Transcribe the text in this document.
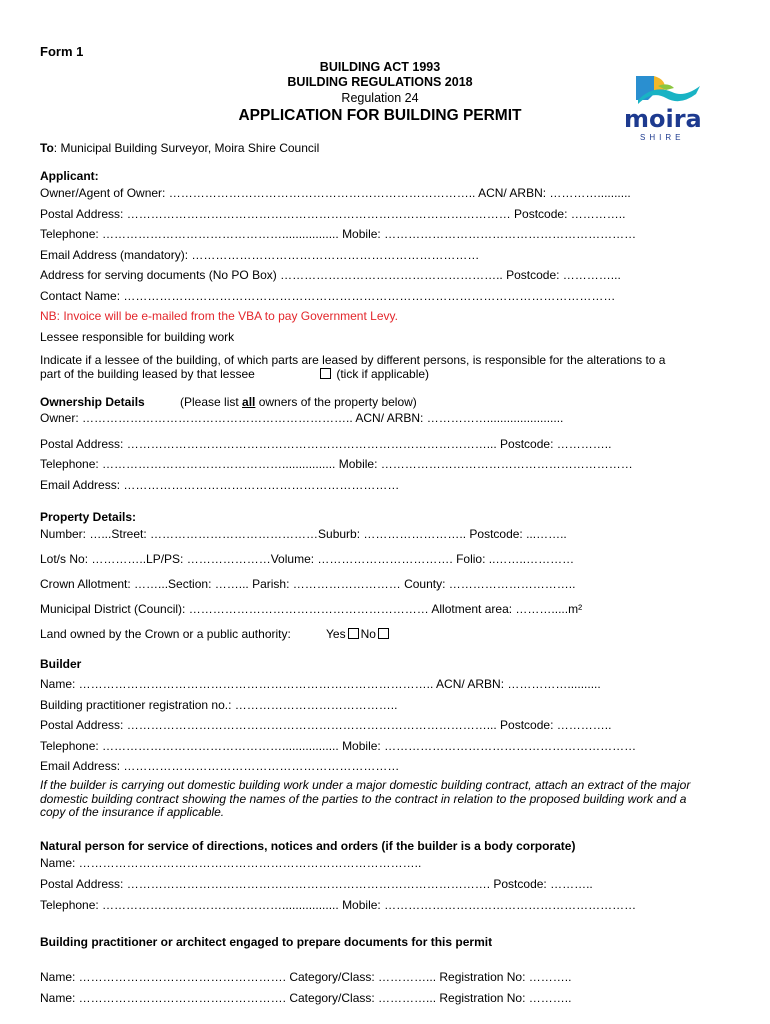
Form 1
BUILDING ACT 1993
BUILDING REGULATIONS 2018
Regulation 24
APPLICATION FOR BUILDING PERMIT	moira
SHIRE
To: Municipal Building Surveyor, Moira Shire Council
Applicant:
Owner/Agent of Owner: ………………………………………………………………….. ACN/ ARBN: …………..........
Postal Address: …………………………………………………………………………………… Postcode: …………..
Telephone: ………………………………………................. Mobile: ………………………………………………………
Email Address (mandatory): ………………………………………………………………
Address for serving documents (No PO Box) ……………………………………………….. Postcode: …………...
Contact Name: ……………………………………………………………………………………………………………
NB: Invoice will be e-mailed from the VBA to pay Government Levy.
Lessee responsible for building work
Indicate if a lessee of the building, of which parts are leased by different persons, is responsible for the alterations to a
part of the building leased by that lessee	(tick if applicable)
Ownership Details	(Please list all owners of the property below)
Owner: ………………………………………………………….. ACN/ ARBN: …………….......................
Postal Address: ………………………………………………………………………………... Postcode: …………..
Telephone: ………………………………………................ Mobile: ………………………………………………………
Email Address: ……………………………………………………………
Property Details:
Number: …...Street: ……………………………………Suburb: …………………….. Postcode: ...……..
Lot/s No: …………..LP/PS: …………………Volume: ……………………………. Folio: ..……..…………
Crown Allotment: ……...Section: ……... Parish: ……………………… County: …………………………..
Municipal District (Council): …………………………………………………… Allotment area: ……….....m²
Land owned by the Crown or a public authority:	Yes No
Builder
Name: …………………………………………………………………………….. ACN/ ARBN: ……………..........
Building practitioner registration no.: …………………………………..
Postal Address: ………………………………………………………………………………... Postcode: …………..
Telephone: ………………………………………................. Mobile: ………………………………………………………
Email Address: ……………………………………………………………
If the builder is carrying out domestic building work under a major domestic building contract, attach an extract of the major domestic building contract showing the names of the parties to the contract in relation to the proposed building work and a copy of the insurance if applicable.
Natural person for service of directions, notices and orders (if the builder is a body corporate)
Name: …………………………………………………………………………..
Postal Address: ………………………………………………………………………………. Postcode: ………..
Telephone: ………………………………………................. Mobile: ………………………………………………………
Building practitioner or architect engaged to prepare documents for this permit
Name: ……………………………………………. Category/Class: …………... Registration No: ………..
Name: ……………………………………………. Category/Class: …………... Registration No: ………..
